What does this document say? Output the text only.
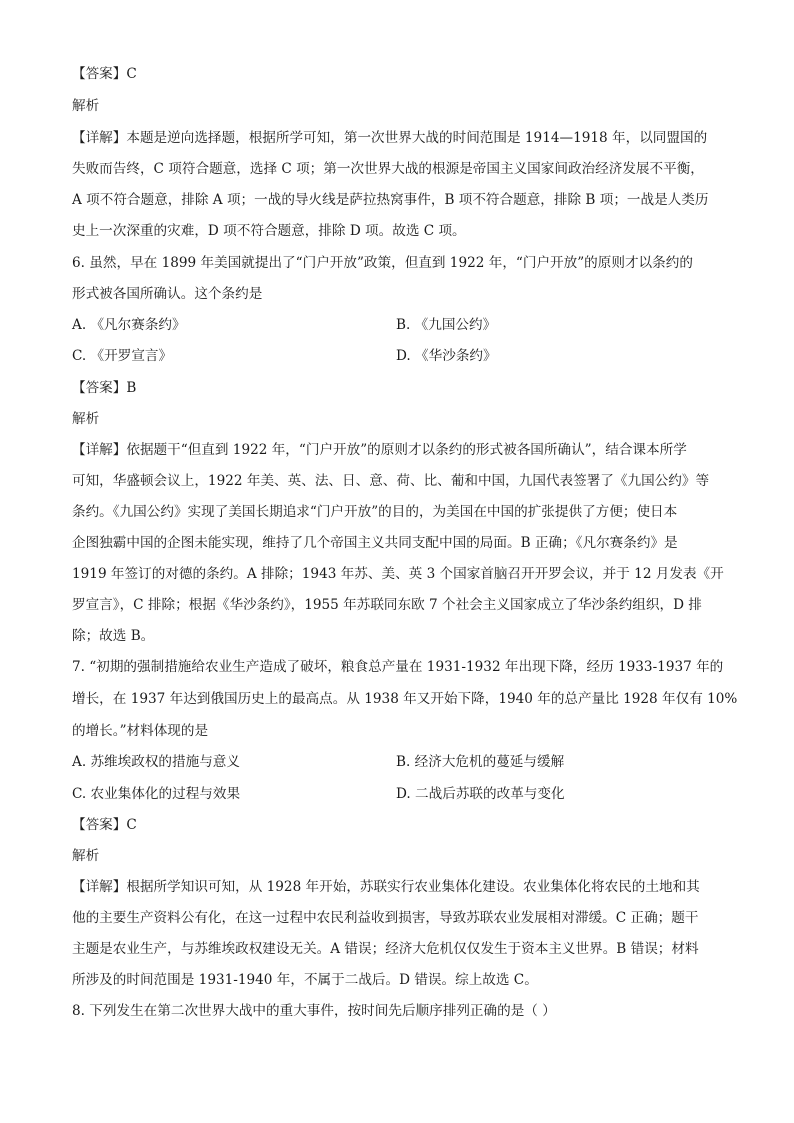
【答案】C
解析
【详解】本题是逆向选择题，根据所学可知，第一次世界大战的时间范围是 1914—1918 年，以同盟国的
失败而告终，C 项符合题意，选择 C 项；第一次世界大战的根源是帝国主义国家间政治经济发展不平衡，
A 项不符合题意，排除 A 项；一战的导火线是萨拉热窝事件，B 项不符合题意，排除 B 项；一战是人类历
史上一次深重的灾难，D 项不符合题意，排除 D 项。故选 C 项。
6. 虽然，早在 1899 年美国就提出了“门户开放”政策，但直到 1922 年，“门户开放”的原则才以条约的
形式被各国所确认。这个条约是
A. 《凡尔赛条约》	B. 《九国公约》
C. 《开罗宣言》	D. 《华沙条约》
【答案】B
解析
【详解】依据题干“但直到 1922 年，“门户开放”的原则才以条约的形式被各国所确认”，结合课本所学
可知，华盛顿会议上，1922 年美、英、法、日、意、荷、比、葡和中国，九国代表签署了《九国公约》等
条约。《九国公约》实现了美国长期追求“门户开放”的目的，为美国在中国的扩张提供了方便；使日本
企图独霸中国的企图未能实现，维持了几个帝国主义共同支配中国的局面。B 正确；《凡尔赛条约》是
1919 年签订的对德的条约。A 排除；1943 年苏、美、英 3 个国家首脑召开开罗会议，并于 12 月发表《开
罗宣言》，C 排除；根据《华沙条约》，1955 年苏联同东欧 7 个社会主义国家成立了华沙条约组织，D 排
除；故选 B。
7. “初期的强制措施给农业生产造成了破坏，粮食总产量在 1931-1932 年出现下降，经历 1933-1937 年的
增长，在 1937 年达到俄国历史上的最高点。从 1938 年又开始下降，1940 年的总产量比 1928 年仅有 10%
的增长。”材料体现的是
A. 苏维埃政权的措施与意义	B. 经济大危机的蔓延与缓解
C. 农业集体化的过程与效果	D. 二战后苏联的改革与变化
【答案】C
解析
【详解】根据所学知识可知，从 1928 年开始，苏联实行农业集体化建设。农业集体化将农民的土地和其
他的主要生产资料公有化，在这一过程中农民利益收到损害，导致苏联农业发展相对滞缓。C 正确；题干
主题是农业生产，与苏维埃政权建设无关。A 错误；经济大危机仅仅发生于资本主义世界。B 错误；材料
所涉及的时间范围是 1931-1940 年，不属于二战后。D 错误。综上故选 C。
8. 下列发生在第二次世界大战中的重大事件，按时间先后顺序排列正确的是（ ）
